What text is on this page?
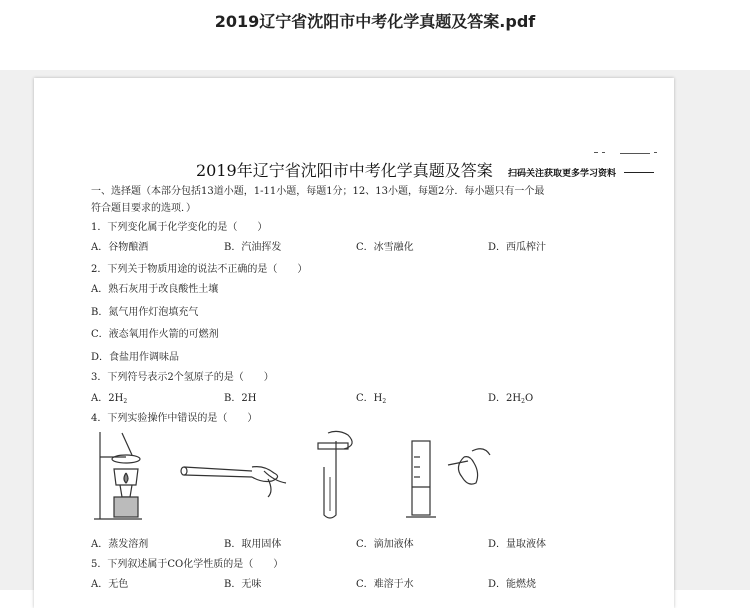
2019辽宁省沈阳市中考化学真题及答案.pdf
2019年辽宁省沈阳市中考化学真题及答案 扫码关注获取更多学习资料
一、选择题（本部分包括13道小题，1-11小题，每题1分；12、13小题，每题2分．每小题只有一个最
符合题目要求的选项．）
1．下列变化属于化学变化的是（　　）
A．谷物酿酒	B．汽油挥发	C．冰雪融化	D．西瓜榨汁
2．下列关于物质用途的说法不正确的是（　　）
A．熟石灰用于改良酸性土壤
B．氮气用作灯泡填充气
C．液态氧用作火箭的可燃剂
D．食盐用作调味品
3．下列符号表示2个氢原子的是（　　）
A．$2H_2$	B．2H	C．$H_2$	D．$2H_2O$
4．下列实验操作中错误的是（　　）
A．蒸发溶剂	B．取用固体	C．滴加液体	D．量取液体
5．下列叙述属于CO化学性质的是（　　）
A．无色	B．无味	C．难溶于水	D．能燃烧
